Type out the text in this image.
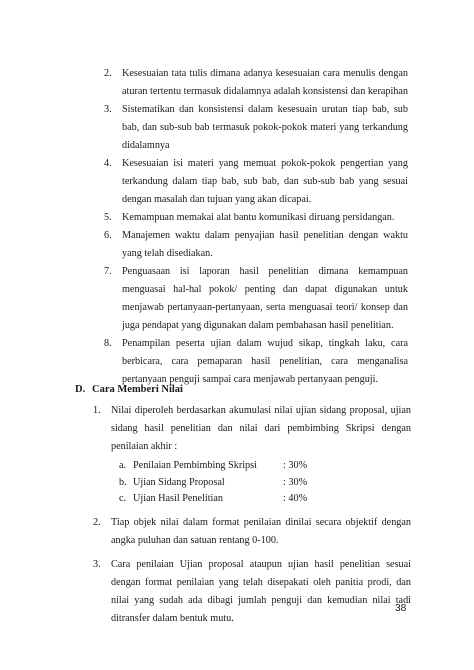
2. Kesesuaian tata tulis dimana adanya kesesuaian cara menulis dengan aturan tertentu termasuk didalamnya adalah konsistensi dan kerapihan
3. Sistematikan dan konsistensi dalam kesesuain urutan tiap bab, sub bab, dan sub-sub bab termasuk pokok-pokok materi yang terkandung didalamnya
4. Kesesuaian isi materi yang memuat pokok-pokok pengertian yang terkandung dalam tiap bab, sub bab, dan sub-sub bab yang sesuai dengan masalah dan tujuan yang akan dicapai.
5. Kemampuan memakai alat bantu komunikasi diruang persidangan.
6. Manajemen waktu dalam penyajian hasil penelitian dengan waktu yang telah disediakan.
7. Penguasaan isi laporan hasil penelitian dimana kemampuan menguasai hal-hal pokok/ penting dan dapat digunakan untuk menjawab pertanyaan-pertanyaan, serta menguasai teori/ konsep dan juga pendapat yang digunakan dalam pembahasan hasil penelitian.
8. Penampilan peserta ujian dalam wujud sikap, tingkah laku, cara berbicara, cara pemaparan hasil penelitian, cara menganalisa pertanyaan penguji sampai cara menjawab pertanyaan penguji.
D. Cara Memberi Nilai
1. Nilai diperoleh berdasarkan akumulasi nilai ujian sidang proposal, ujian sidang hasil penelitian dan nilai dari pembimbing Skripsi dengan penilaian akhir :
a.	Penilaian Pembimbing Skripsi	: 30%
b.	Ujian Sidang Proposal	: 30%
c.	Ujian Hasil Penelitian	: 40%
2. Tiap objek nilai dalam format penilaian dinilai secara objektif dengan angka puluhan dan satuan rentang 0-100.
3. Cara penilaian Ujian proposal ataupun ujian hasil penelitian sesuai dengan format penilaian yang telah disepakati oleh panitia prodi, dan nilai yang sudah ada dibagi jumlah penguji dan kemudian nilai tadi ditransfer dalam bentuk mutu.
38
